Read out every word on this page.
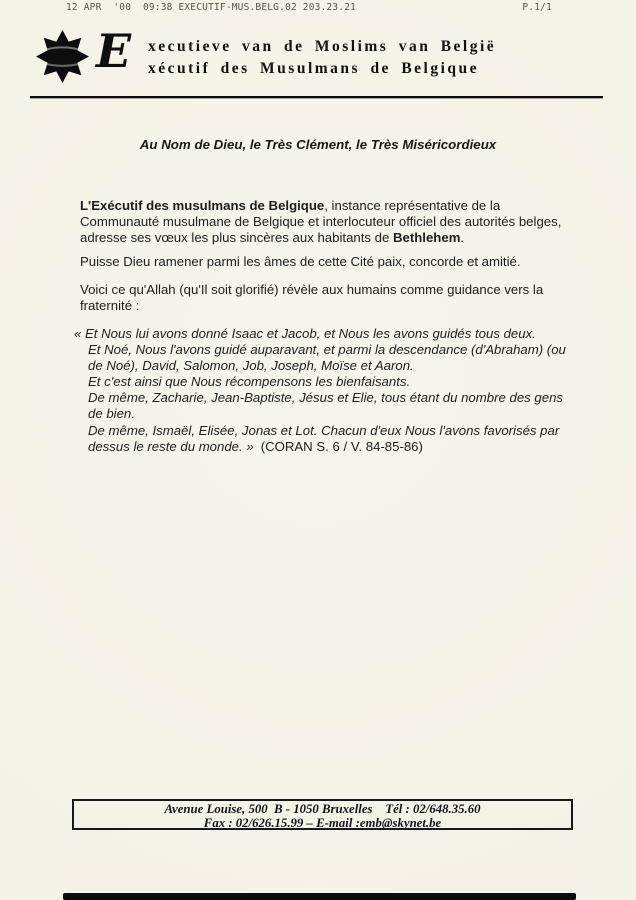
12 APR  '00  09:38 EXECUTIF-MUS.BELG.02 203.23.21	P.1/1
E xecutieve van de Moslims van België
xécutif des Musulmans de Belgique
Au Nom de Dieu, le Très Clément, le Très Miséricordieux
L'Exécutif des musulmans de Belgique, instance représentative de la
Communauté musulmane de Belgique et interlocuteur officiel des autorités belges,
adresse ses vœux les plus sincères aux habitants de Bethlehem.
Puisse Dieu ramener parmi les âmes de cette Cité paix, concorde et amitié.
Voici ce qu'Allah (qu'Il soit glorifié) révèle aux humains comme guidance vers la
fraternité :
« Et Nous lui avons donné Isaac et Jacob, et Nous les avons guidés tous deux.
Et Noé, Nous l'avons guidé auparavant, et parmi la descendance (d'Abraham) (ou
de Noé), David, Salomon, Job, Joseph, Moïse et Aaron.
Et c'est ainsi que Nous récompensons les bienfaisants.
De même, Zacharie, Jean-Baptiste, Jésus et Elie, tous étant du nombre des gens
de bien.
De même, Ismaël, Elisée, Jonas et Lot. Chacun d'eux Nous l'avons favorisés par
dessus le reste du monde. » (CORAN S. 6 / V. 84-85-86)
Avenue Louise, 500  B - 1050 Bruxelles    Tél : 02/648.35.60
Fax : 02/626.15.99 – E-mail :emb@skynet.be
